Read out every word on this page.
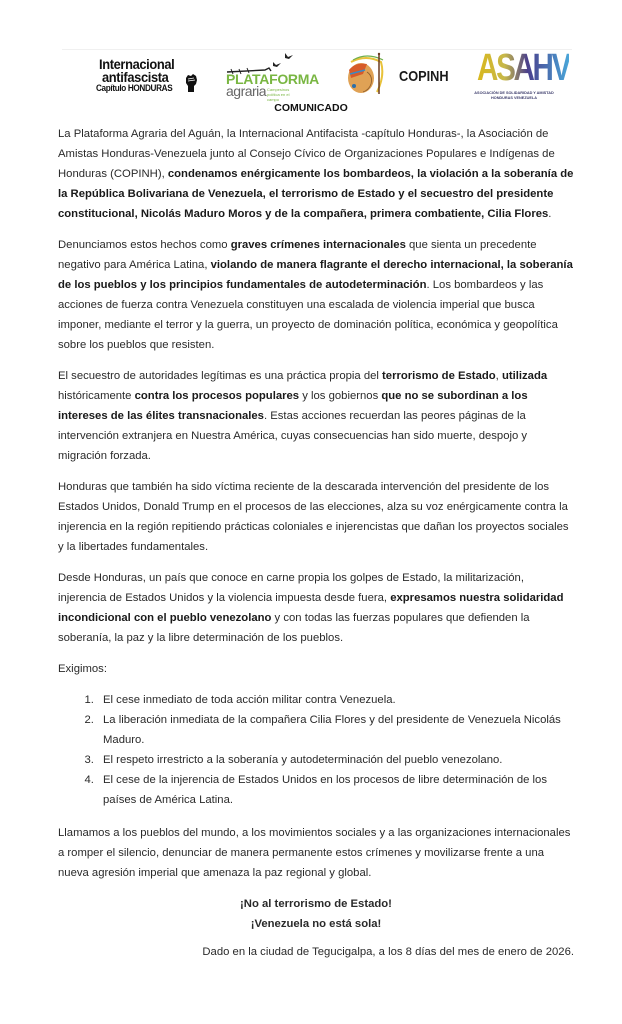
Internacional
antifascista
Capítulo HONDURAS
PLATAFORMA
agraria Campesinos política en el campo
COPINH ASAHV
ASOCIACIÓN DE SOLIDARIDAD Y AMISTAD HONDURAS VENEZUELA
COMUNICADO

La Plataforma Agraria del Aguán, la Internacional Antifacista -capítulo Honduras-, la Asociación de Amistas Honduras-Venezuela junto al Consejo Cívico de Organizaciones Populares e Indígenas de Honduras (COPINH), condenamos enérgicamente los bombardeos, la violación a la soberanía de la República Bolivariana de Venezuela, el terrorismo de Estado y el secuestro del presidente constitucional, Nicolás Maduro Moros y de la compañera, primera combatiente, Cilia Flores.

Denunciamos estos hechos como graves crímenes internacionales que sienta un precedente negativo para América Latina, violando de manera flagrante el derecho internacional, la soberanía de los pueblos y los principios fundamentales de autodeterminación. Los bombardeos y las acciones de fuerza contra Venezuela constituyen una escalada de violencia imperial que busca imponer, mediante el terror y la guerra, un proyecto de dominación política, económica y geopolítica sobre los pueblos que resisten.

El secuestro de autoridades legítimas es una práctica propia del terrorismo de Estado, utilizada históricamente contra los procesos populares y los gobiernos que no se subordinan a los intereses de las élites transnacionales. Estas acciones recuerdan las peores páginas de la intervención extranjera en Nuestra América, cuyas consecuencias han sido muerte, despojo y migración forzada.

Honduras que también ha sido víctima reciente de la descarada intervención del presidente de los Estados Unidos, Donald Trump en el procesos de las elecciones, alza su voz enérgicamente contra la injerencia en la región repitiendo prácticas coloniales e injerencistas que dañan los proyectos sociales y la libertades fundamentales.

Desde Honduras, un país que conoce en carne propia los golpes de Estado, la militarización, injerencia de Estados Unidos y la violencia impuesta desde fuera, expresamos nuestra solidaridad incondicional con el pueblo venezolano y con todas las fuerzas populares que defienden la soberanía, la paz y la libre determinación de los pueblos.

Exigimos:

1. El cese inmediato de toda acción militar contra Venezuela.
2. La liberación inmediata de la compañera Cilia Flores y del presidente de Venezuela Nicolás Maduro.
3. El respeto irrestricto a la soberanía y autodeterminación del pueblo venezolano.
4. El cese de la injerencia de Estados Unidos en los procesos de libre determinación de los países de América Latina.

Llamamos a los pueblos del mundo, a los movimientos sociales y a las organizaciones internacionales a romper el silencio, denunciar de manera permanente estos crímenes y movilizarse frente a una nueva agresión imperial que amenaza la paz regional y global.

¡No al terrorismo de Estado!
¡Venezuela no está sola!

Dado en la ciudad de Tegucigalpa, a los 8 días del mes de enero de 2026.
